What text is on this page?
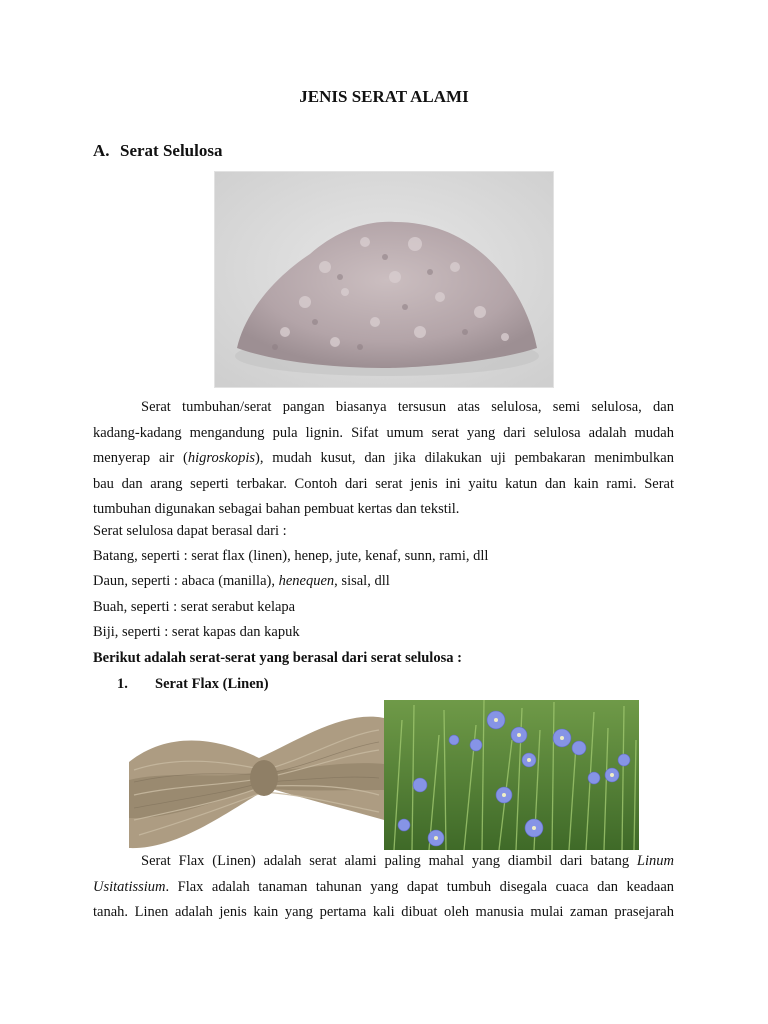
JENIS SERAT ALAMI
A. Serat Selulosa
Serat tumbuhan/serat pangan biasanya tersusun atas selulosa, semi selulosa, dan
kadang-kadang mengandung pula lignin. Sifat umum serat yang dari selulosa adalah mudah
menyerap air (higroskopis), mudah kusut, dan jika dilakukan uji pembakaran menimbulkan
bau dan arang seperti terbakar. Contoh dari serat jenis ini yaitu katun dan kain rami. Serat
tumbuhan digunakan sebagai bahan pembuat kertas dan tekstil.
Serat selulosa dapat berasal dari :
Batang, seperti : serat flax (linen), henep, jute, kenaf, sunn, rami, dll
Daun, seperti : abaca (manilla), henequen, sisal, dll
Buah, seperti : serat serabut kelapa
Biji, seperti : serat kapas dan kapuk
Berikut adalah serat-serat yang berasal dari serat selulosa :
1. Serat Flax (Linen)
Serat Flax (Linen) adalah serat alami paling mahal yang diambil dari batang Linum
Usitatissium. Flax adalah tanaman tahunan yang dapat tumbuh disegala cuaca dan keadaan
tanah. Linen adalah jenis kain yang pertama kali dibuat oleh manusia mulai zaman prasejarah
